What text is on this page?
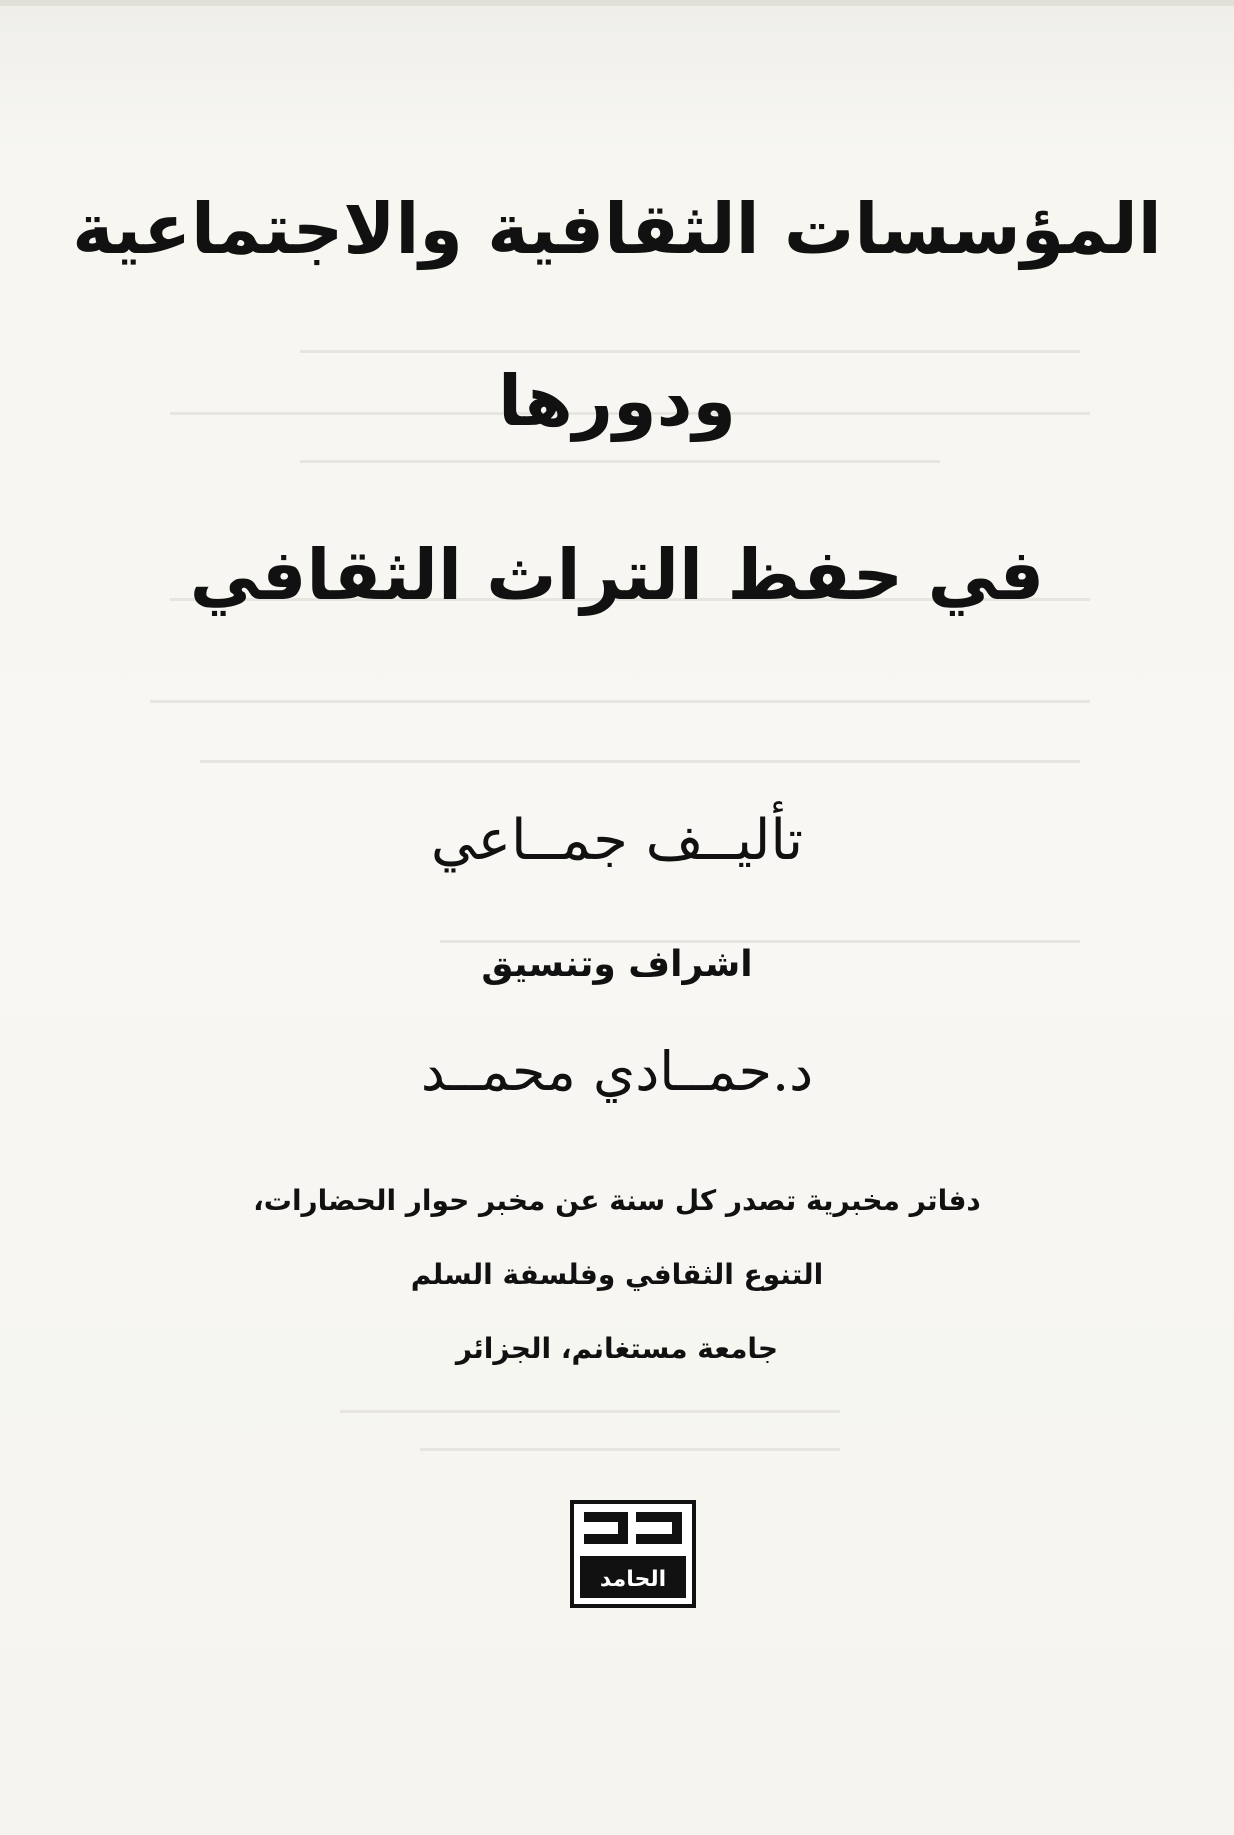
المؤسسات الثقافية والاجتماعية
ودورها
في حفظ التراث الثقافي
تأليــف جمــاعي
اشراف وتنسيق
د.حمــادي محمــد
دفاتر مخبرية تصدر كل سنة عن مخبر حوار الحضارات،
التنوع الثقافي وفلسفة السلم
جامعة مستغانم، الجزائر
الحامد
